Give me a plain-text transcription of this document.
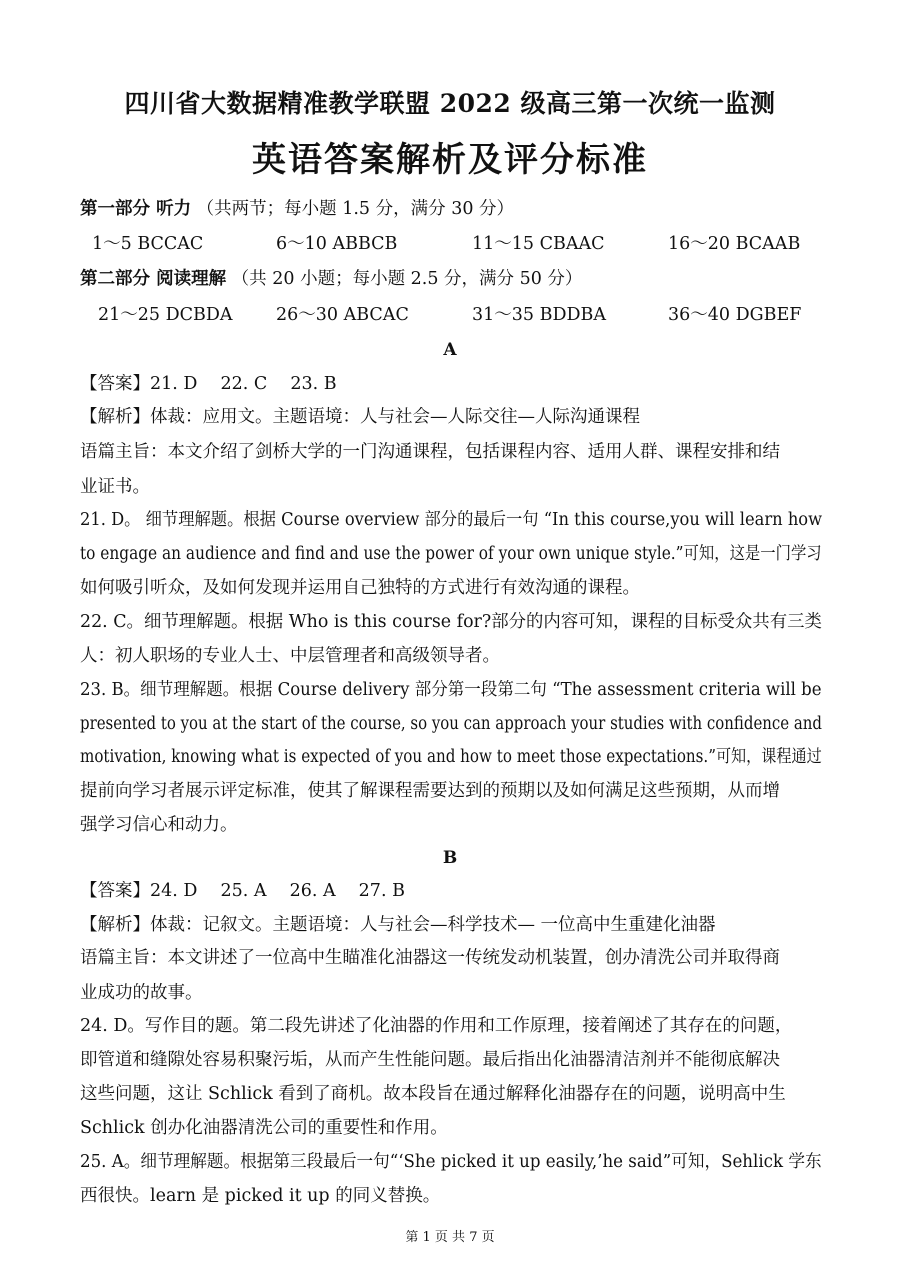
四川省大数据精准教学联盟 2022 级高三第一次统一监测
英语答案解析及评分标准
第一部分 听力 （共两节；每小题 1.5 分，满分 30 分）
1～5 BCCAC	6～10 ABBCB	11～15 CBAAC	16～20 BCAAB
第二部分 阅读理解 （共 20 小题；每小题 2.5 分，满分 50 分）
21～25 DCBDA 26～30 ABCAC	31～35 BDDBA	36～40 DGBEF
A
【答案】21. D　 22. C　 23. B
【解析】体裁：应用文。主题语境：人与社会—人际交往—人际沟通课程
语篇主旨：本文介绍了剑桥大学的一门沟通课程，包括课程内容、适用人群、课程安排和结
业证书。
21. D。 细节理解题。根据 Course overview 部分的最后一句 “In this course,you will learn how
to engage an audience and find and use the power of your own unique style.”可知，这是一门学习
如何吸引听众，及如何发现并运用自己独特的方式进行有效沟通的课程。
22. C。细节理解题。根据 Who is this course for?部分的内容可知，课程的目标受众共有三类
人：初人职场的专业人士、中层管理者和高级领导者。
23. B。细节理解题。根据 Course delivery 部分第一段第二句 “The assessment criteria will be
presented to you at the start of the course, so you can approach your studies with confidence and
motivation, knowing what is expected of you and how to meet those expectations.”可知，课程通过
提前向学习者展示评定标准，使其了解课程需要达到的预期以及如何满足这些预期，从而增
强学习信心和动力。
B
【答案】24. D　 25. A　 26. A　 27. B
【解析】体裁：记叙文。主题语境：人与社会—科学技术— 一位高中生重建化油器
语篇主旨：本文讲述了一位高中生瞄准化油器这一传统发动机装置，创办清洗公司并取得商
业成功的故事。
24. D。写作目的题。第二段先讲述了化油器的作用和工作原理，接着阐述了其存在的问题，
即管道和缝隙处容易积聚污垢，从而产生性能问题。最后指出化油器清洁剂并不能彻底解决
这些问题，这让 Schlick 看到了商机。故本段旨在通过解释化油器存在的问题，说明高中生
Schlick 创办化油器清洗公司的重要性和作用。
25. A。细节理解题。根据第三段最后一句“‘She picked it up easily,’he said”可知，Sehlick 学东
西很快。learn 是 picked it up 的同义替换。
第 1 页 共 7 页
